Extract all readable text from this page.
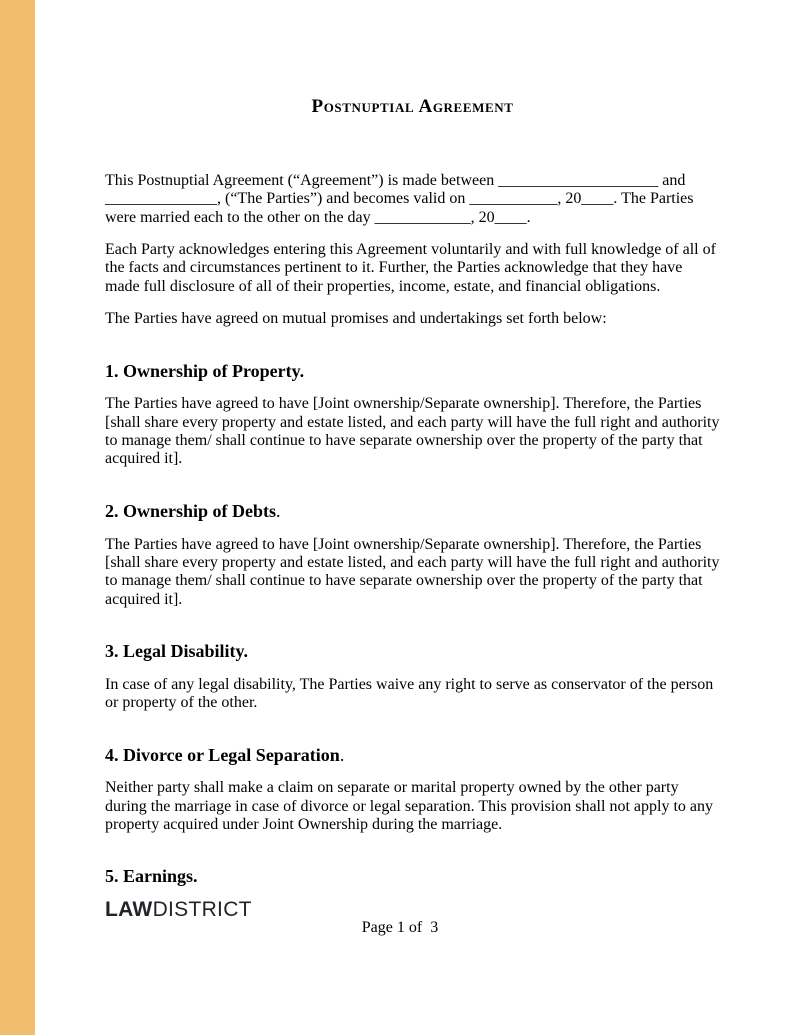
Postnuptial Agreement

This Postnuptial Agreement (“Agreement”) is made between ____________________ and ______________, (“The Parties”) and becomes valid on ___________, 20____. The Parties were married each to the other on the day ____________, 20____.

Each Party acknowledges entering this Agreement voluntarily and with full knowledge of all of the facts and circumstances pertinent to it. Further, the Parties acknowledge that they have made full disclosure of all of their properties, income, estate, and financial obligations.

The Parties have agreed on mutual promises and undertakings set forth below:

1. Ownership of Property.

The Parties have agreed to have [Joint ownership/Separate ownership]. Therefore, the Parties [shall share every property and estate listed, and each party will have the full right and authority to manage them/ shall continue to have separate ownership over the property of the party that acquired it].

2. Ownership of Debts.

The Parties have agreed to have [Joint ownership/Separate ownership]. Therefore, the Parties [shall share every property and estate listed, and each party will have the full right and authority to manage them/ shall continue to have separate ownership over the property of the party that acquired it].

3. Legal Disability.

In case of any legal disability, The Parties waive any right to serve as conservator of the person or property of the other.

4. Divorce or Legal Separation.

Neither party shall make a claim on separate or marital property owned by the other party during the marriage in case of divorce or legal separation. This provision shall not apply to any property acquired under Joint Ownership during the marriage.

5. Earnings.
LAWDISTRICT
Page 1 of  3
